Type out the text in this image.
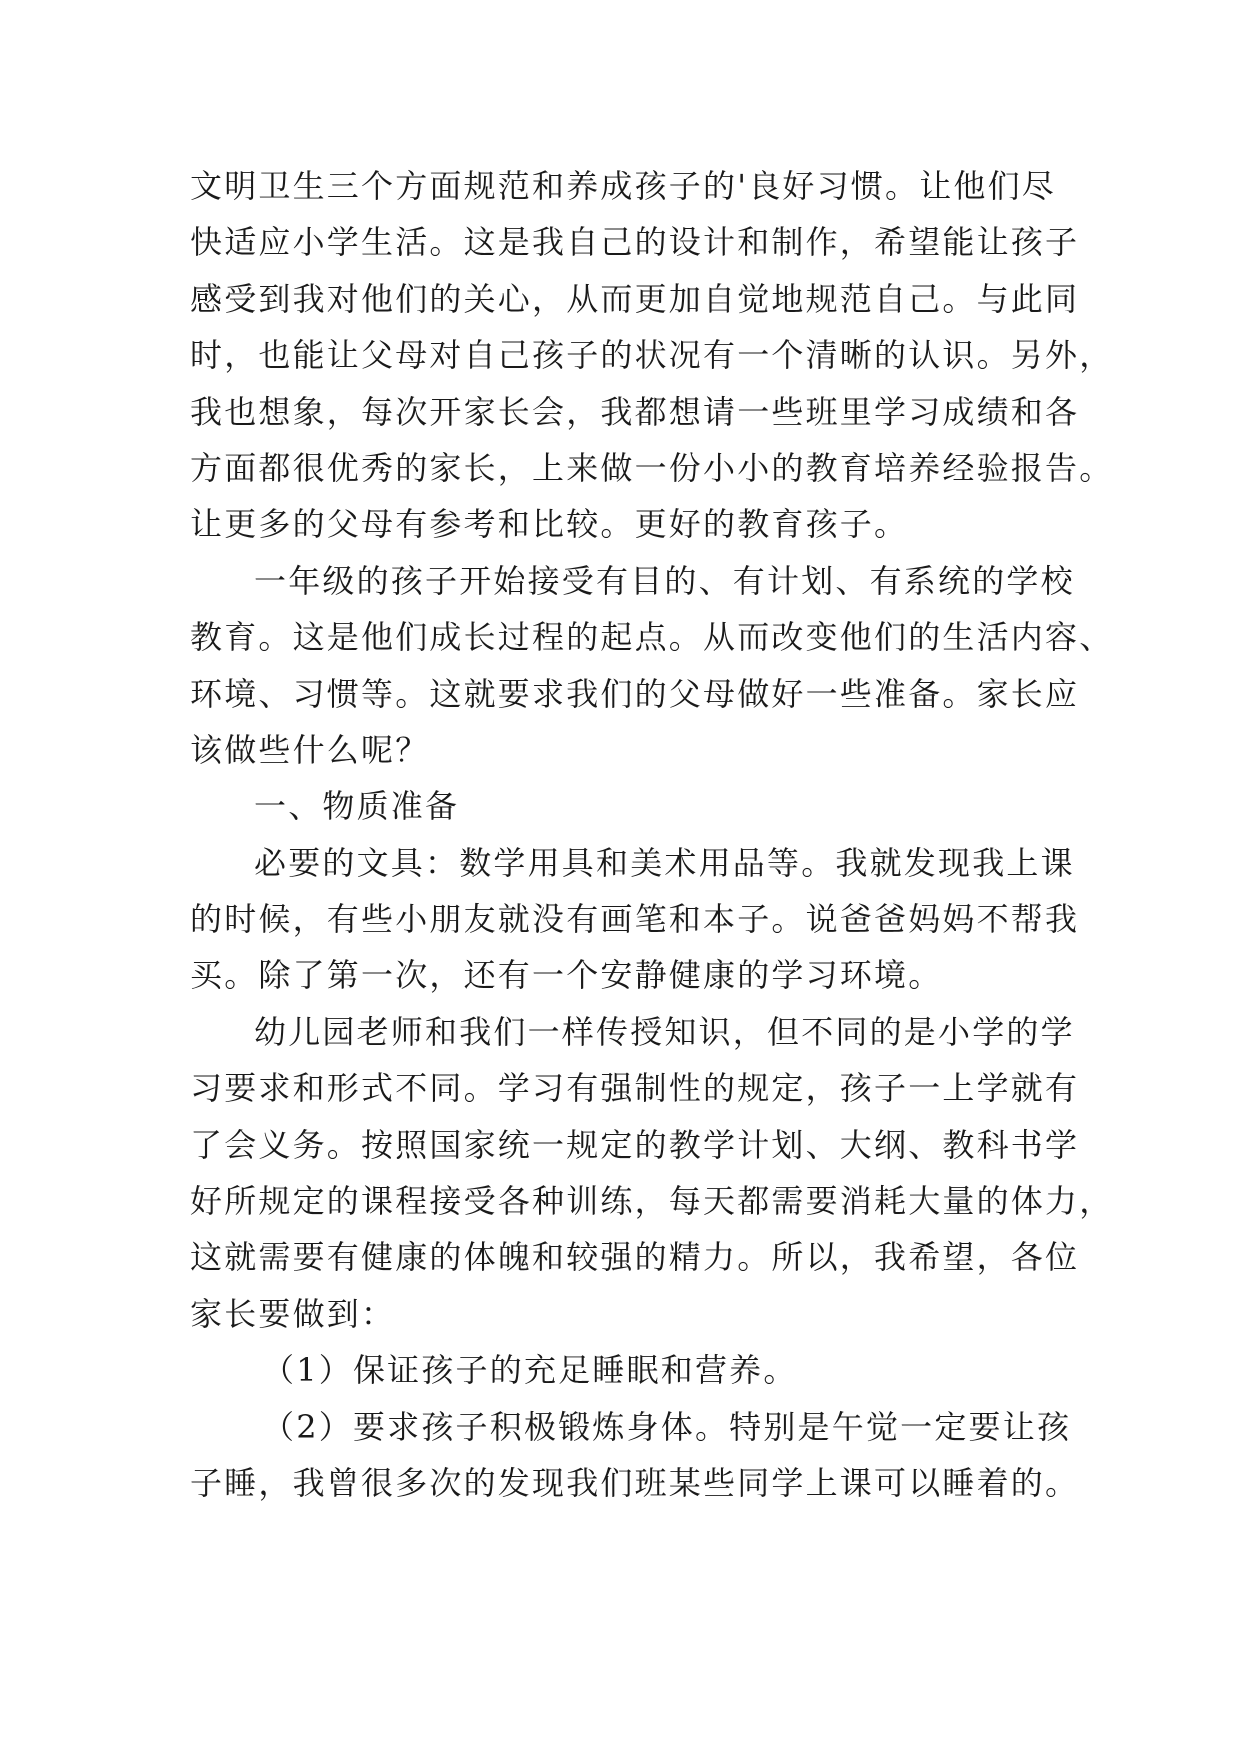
文明卫生三个方面规范和养成孩子的'良好习惯。让他们尽
快适应小学生活。这是我自己的设计和制作，希望能让孩子
感受到我对他们的关心，从而更加自觉地规范自己。与此同
时，也能让父母对自己孩子的状况有一个清晰的认识。另外，
我也想象，每次开家长会，我都想请一些班里学习成绩和各
方面都很优秀的家长，上来做一份小小的教育培养经验报告。
让更多的父母有参考和比较。更好的教育孩子。
一年级的孩子开始接受有目的、有计划、有系统的学校
教育。这是他们成长过程的起点。从而改变他们的生活内容、
环境、习惯等。这就要求我们的父母做好一些准备。家长应
该做些什么呢？
一、物质准备
必要的文具：数学用具和美术用品等。我就发现我上课
的时候，有些小朋友就没有画笔和本子。说爸爸妈妈不帮我
买。除了第一次，还有一个安静健康的学习环境。
幼儿园老师和我们一样传授知识，但不同的是小学的学
习要求和形式不同。学习有强制性的规定，孩子一上学就有
了会义务。按照国家统一规定的教学计划、大纲、教科书学
好所规定的课程接受各种训练，每天都需要消耗大量的体力，
这就需要有健康的体魄和较强的精力。所以，我希望，各位
家长要做到：
（1）保证孩子的充足睡眠和营养。
（2）要求孩子积极锻炼身体。特别是午觉一定要让孩
子睡，我曾很多次的发现我们班某些同学上课可以睡着的。
